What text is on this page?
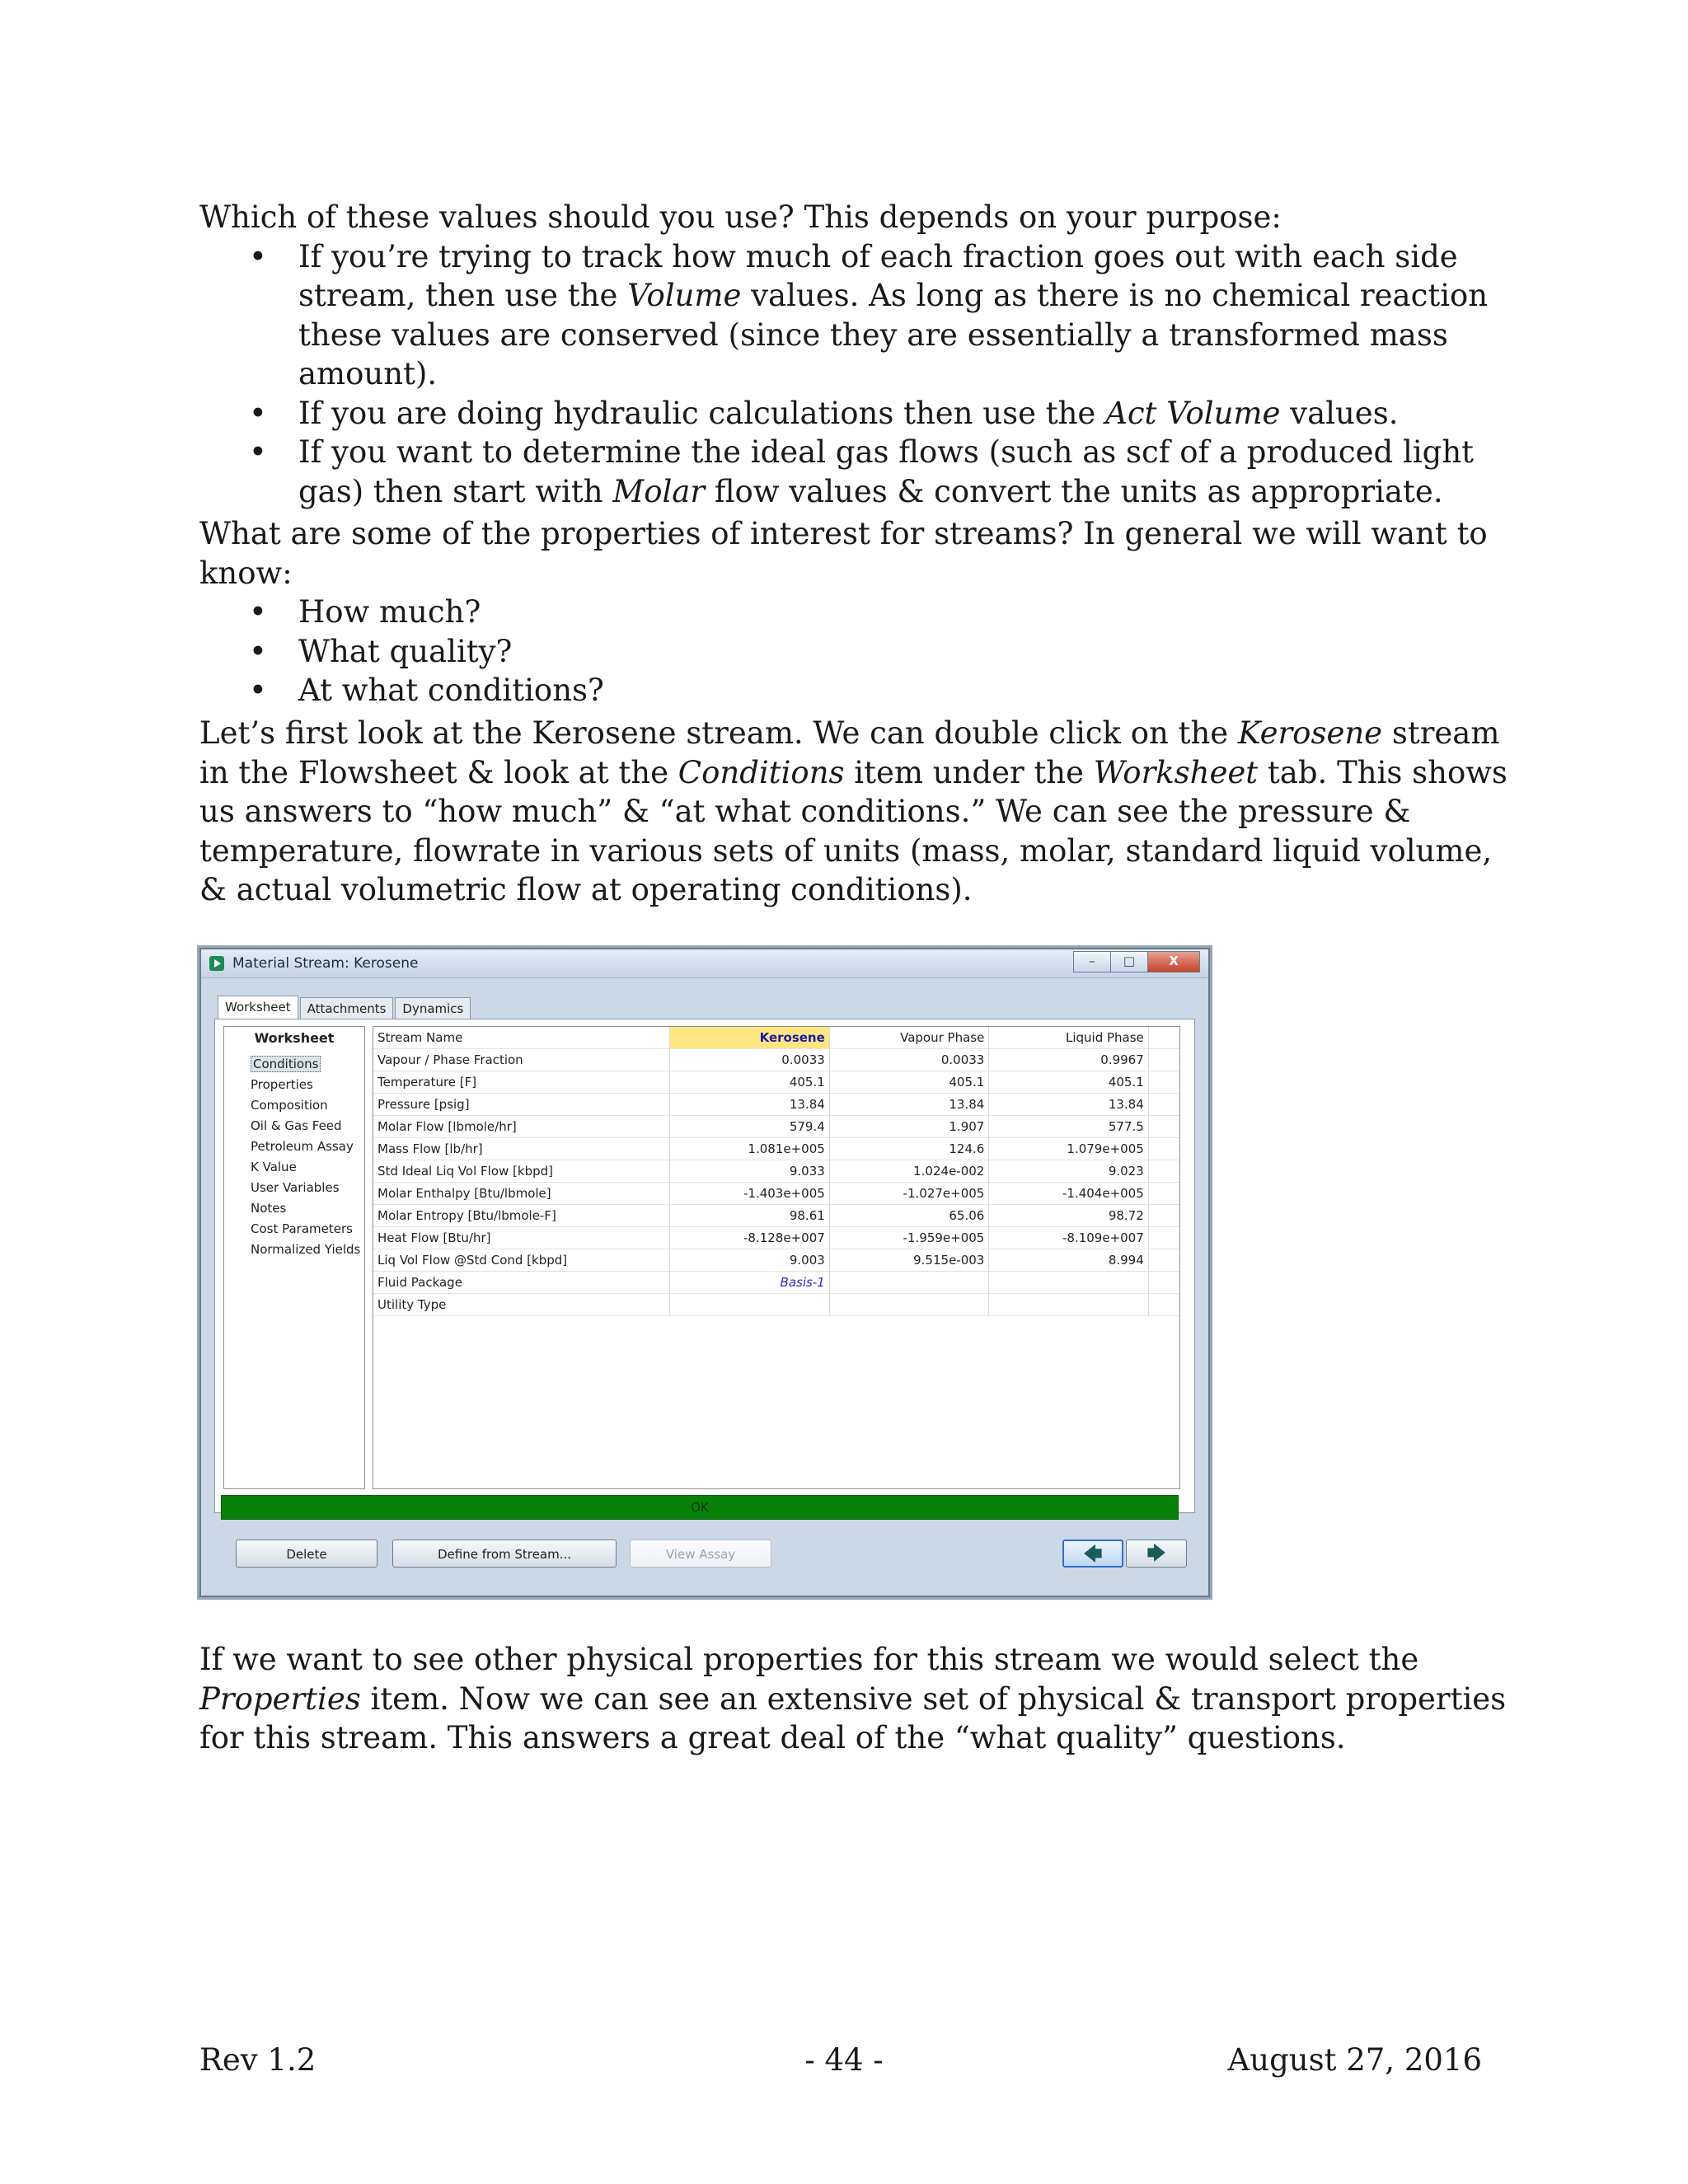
Which of these values should you use? This depends on your purpose:

• If you’re trying to track how much of each fraction goes out with each side stream, then use the Volume values. As long as there is no chemical reaction these values are conserved (since they are essentially a transformed mass amount).
• If you are doing hydraulic calculations then use the Act Volume values.
• If you want to determine the ideal gas flows (such as scf of a produced light gas) then start with Molar flow values & convert the units as appropriate.

What are some of the properties of interest for streams? In general we will want to know:

• How much?
• What quality?
• At what conditions?

Let’s first look at the Kerosene stream. We can double click on the Kerosene stream in the Flowsheet & look at the Conditions item under the Worksheet tab. This shows us answers to “how much” & “at what conditions.” We can see the pressure & temperature, flowrate in various sets of units (mass, molar, standard liquid volume, & actual volumetric flow at operating conditions).

Material Stream: Kerosene	–	□	X
Worksheet	Attachments	Dynamics
Worksheet
Conditions
Properties
Composition
Oil & Gas Feed
Petroleum Assay
K Value
User Variables
Notes
Cost Parameters
Normalized Yields
Stream Name	Kerosene	Vapour Phase	Liquid Phase	
Vapour / Phase Fraction	0.0033	0.0033	0.9967	
Temperature [F]	405.1	405.1	405.1	
Pressure [psig]	13.84	13.84	13.84	
Molar Flow [lbmole/hr]	579.4	1.907	577.5	
Mass Flow [lb/hr]	1.081e+005	124.6	1.079e+005	
Std Ideal Liq Vol Flow [kbpd]	9.033	1.024e-002	9.023	
Molar Enthalpy [Btu/lbmole]	-1.403e+005	-1.027e+005	-1.404e+005	
Molar Entropy [Btu/lbmole-F]	98.61	65.06	98.72	
Heat Flow [Btu/hr]	-8.128e+007	-1.959e+005	-8.109e+007	
Liq Vol Flow @Std Cond [kbpd]	9.003	9.515e-003	8.994	
Fluid Package	Basis-1			
Utility Type				
OK
Delete	Define from Stream...	View Assay	🡄	🡆

If we want to see other physical properties for this stream we would select the Properties item. Now we can see an extensive set of physical & transport properties for this stream. This answers a great deal of the “what quality” questions.

Rev 1.2	- 44 -	August 27, 2016
